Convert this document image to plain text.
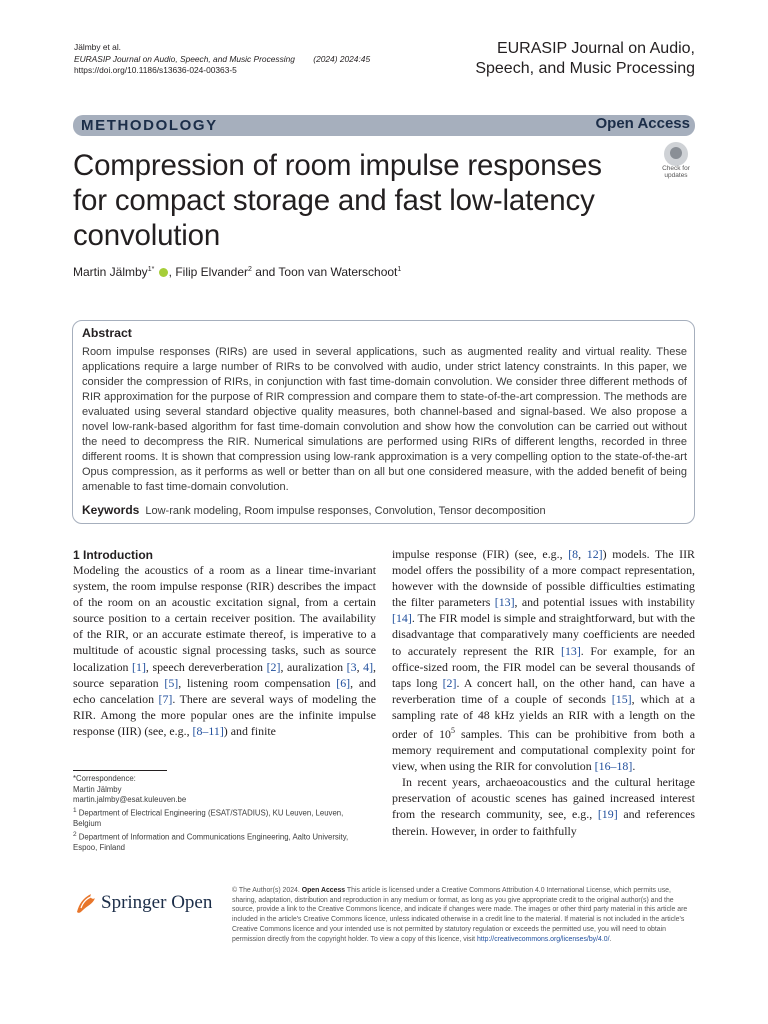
Jälmby et al.
EURASIP Journal on Audio, Speech, and Music Processing (2024) 2024:45
https://doi.org/10.1186/s13636-024-00363-5
EURASIP Journal on Audio,
Speech, and Music Processing
METHODOLOGY	Open Access
Compression of room impulse responses for compact storage and fast low-latency convolution
Check for
updates
Martin Jälmby$^{1*}$ , Filip Elvander$^2$ and Toon van Waterschoot$^1$
Abstract
Room impulse responses (RIRs) are used in several applications, such as augmented reality and virtual reality. These applications require a large number of RIRs to be convolved with audio, under strict latency constraints. In this paper, we consider the compression of RIRs, in conjunction with fast time-domain convolution. We consider three different methods of RIR approximation for the purpose of RIR compression and compare them to state-of-the-art compression. The methods are evaluated using several standard objective quality measures, both channel-based and signal-based. We also propose a novel low-rank-based algorithm for fast time-domain convolution and show how the convolution can be carried out without the need to decompress the RIR. Numerical simulations are performed using RIRs of different lengths, recorded in three different rooms. It is shown that compression using low-rank approximation is a very compelling option to the state-of-the-art Opus compression, as it performs as well or better than on all but one considered measure, with the added benefit of being amenable to fast time-domain convolution.
Keywords Low-rank modeling, Room impulse responses, Convolution, Tensor decomposition
1 Introduction

Modeling the acoustics of a room as a linear time-invariant system, the room impulse response (RIR) describes the impact of the room on an acoustic excitation signal, from a certain source position to a certain receiver position. The availability of the RIR, or an accurate estimate thereof, is imperative to a multitude of acoustic signal processing tasks, such as source localization [1], speech dereverberation [2], auralization [3, 4], source separation [5], listening room compensation [6], and echo cancelation [7]. There are several ways of modeling the RIR. Among the more popular ones are the infinite impulse response (IIR) (see, e.g., [8–11]) and finite

impulse response (FIR) (see, e.g., [8, 12]) models. The IIR model offers the possibility of a more compact representation, however with the downside of possible difficulties estimating the filter parameters [13], and potential issues with instability [14]. The FIR model is simple and straightforward, but with the disadvantage that comparatively many coefficients are needed to accurately represent the RIR [13]. For example, for an office-sized room, the FIR model can be several thousands of taps long [2]. A concert hall, on the other hand, can have a reverberation time of a couple of seconds [15], which at a sampling rate of 48 kHz yields an RIR with a length on the order of $10^5$ samples. This can be prohibitive from both a memory requirement and computational complexity point for view, when using the RIR for convolution [16–18].

In recent years, archaeoacoustics and the cultural heritage preservation of acoustic scenes has gained increased interest from the research community, see, e.g., [19] and references therein. However, in order to faithfully

*Correspondence:
Martin Jälmby
martin.jalmby@esat.kuleuven.be
$^1$ Department of Electrical Engineering (ESAT/STADIUS), KU Leuven, Leuven, Belgium
$^2$ Department of Information and Communications Engineering, Aalto University, Espoo, Finland
Springer Open
© The Author(s) 2024. Open Access This article is licensed under a Creative Commons Attribution 4.0 International License, which permits use, sharing, adaptation, distribution and reproduction in any medium or format, as long as you give appropriate credit to the original author(s) and the source, provide a link to the Creative Commons licence, and indicate if changes were made. The images or other third party material in this article are included in the article's Creative Commons licence, unless indicated otherwise in a credit line to the material. If material is not included in the article's Creative Commons licence and your intended use is not permitted by statutory regulation or exceeds the permitted use, you will need to obtain permission directly from the copyright holder. To view a copy of this licence, visit http://creativecommons.org/licenses/by/4.0/.
